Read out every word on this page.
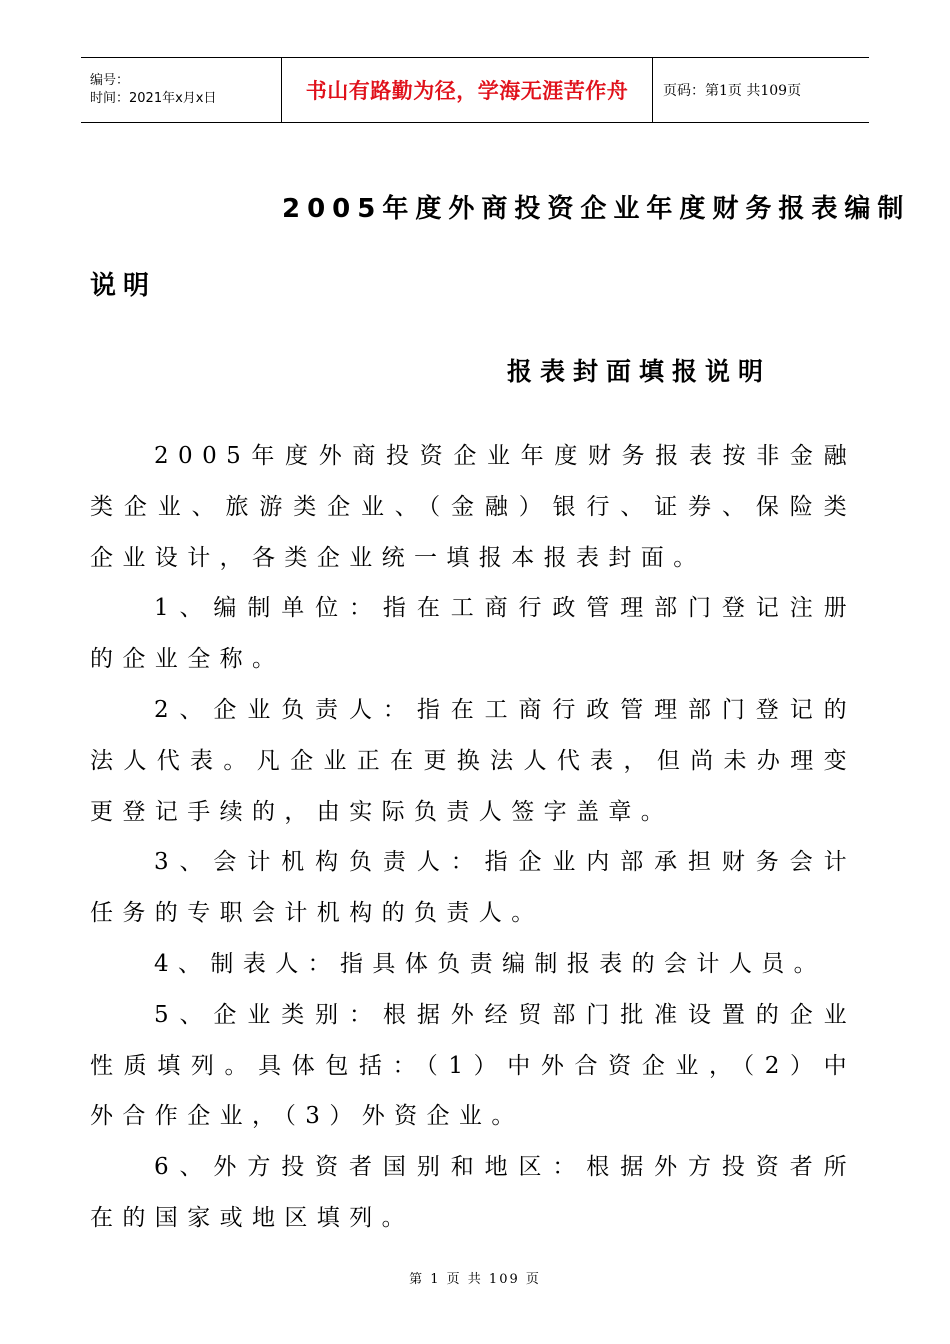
编号：
时间：2021年x月x日	书山有路勤为径，学海无涯苦作舟 页码：第1页 共109页
2005年度外商投资企业年度财务报表编制
说明
报表封面填报说明

2005年度外商投资企业年度财务报表按非金融类企业、旅游类企业、（金融）银行、证券、保险类企业设计，各类企业统一填报本报表封面。

1、编制单位：指在工商行政管理部门登记注册的企业全称。

2、企业负责人：指在工商行政管理部门登记的法人代表。凡企业正在更换法人代表，但尚未办理变更登记手续的，由实际负责人签字盖章。

3、会计机构负责人：指企业内部承担财务会计任务的专职会计机构的负责人。

4、制表人：指具体负责编制报表的会计人员。

5、企业类别：根据外经贸部门批准设置的企业性质填列。具体包括：（1）中外合资企业，（2）中外合作企业，（3）外资企业。

6、外方投资者国别和地区：根据外方投资者所在的国家或地区填列。

第 1 页 共 109 页
